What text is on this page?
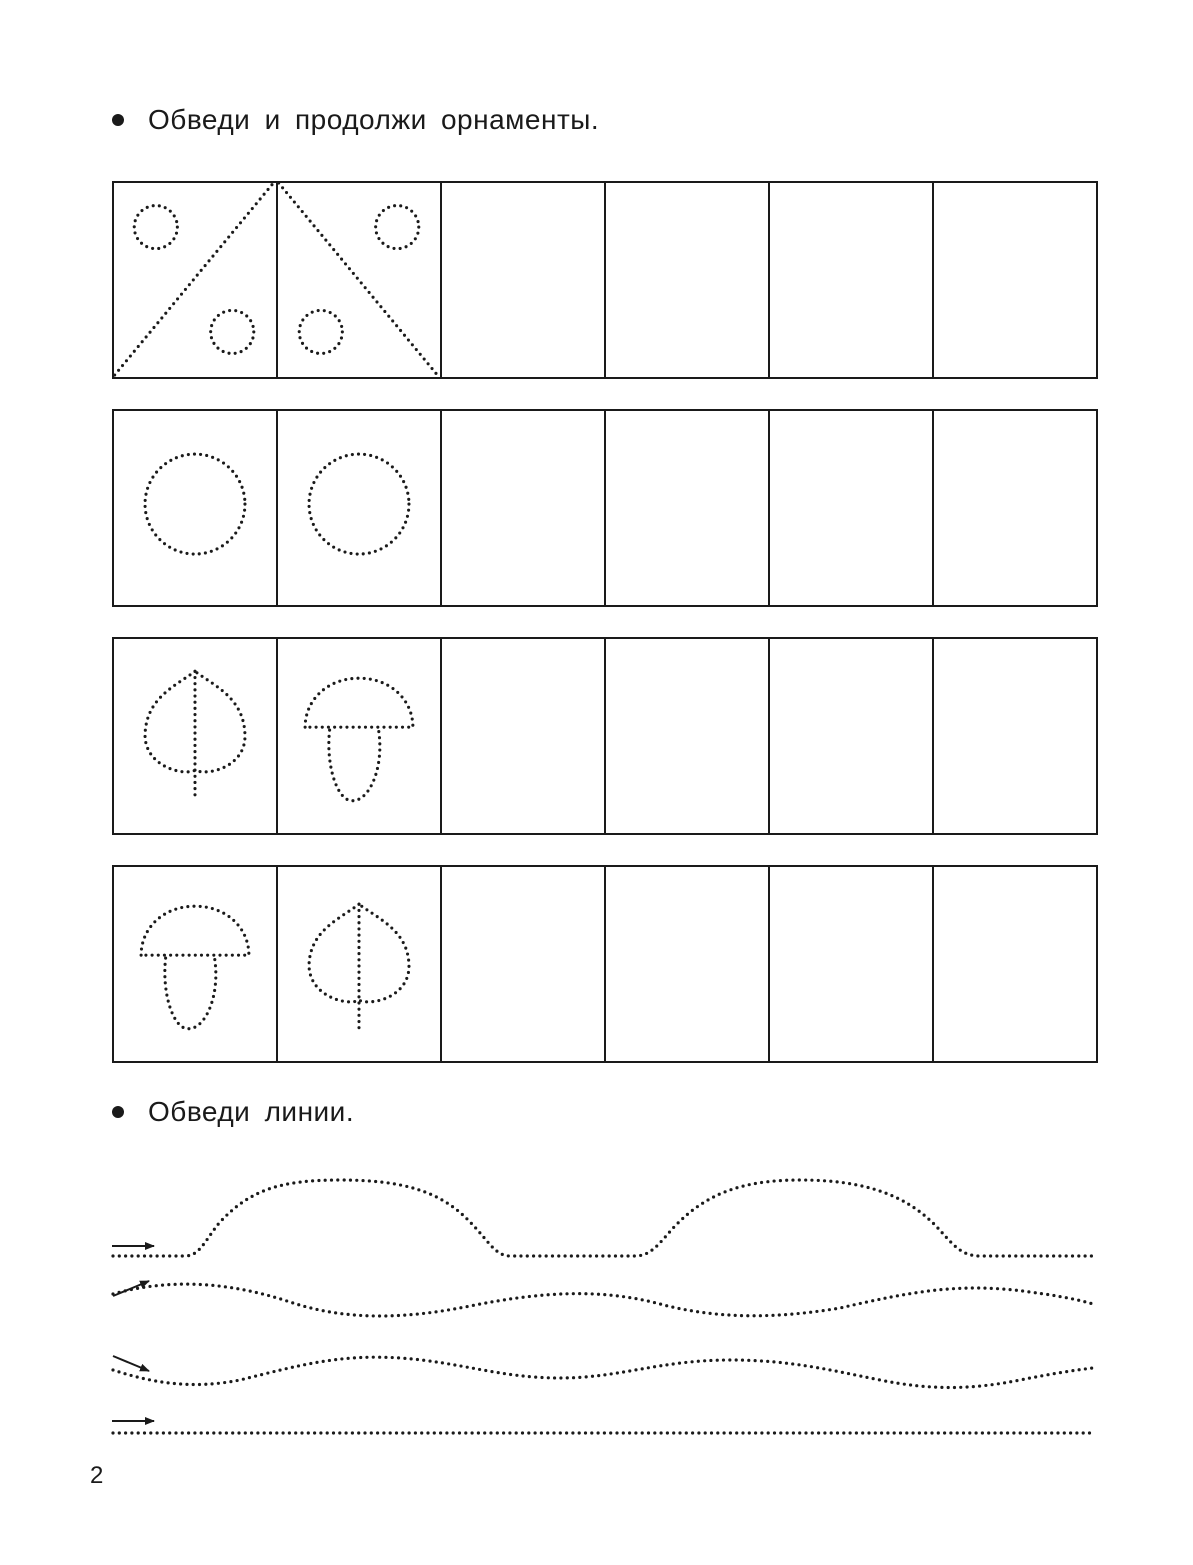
Обведи и продолжи орнаменты.
Обведи линии.
2
